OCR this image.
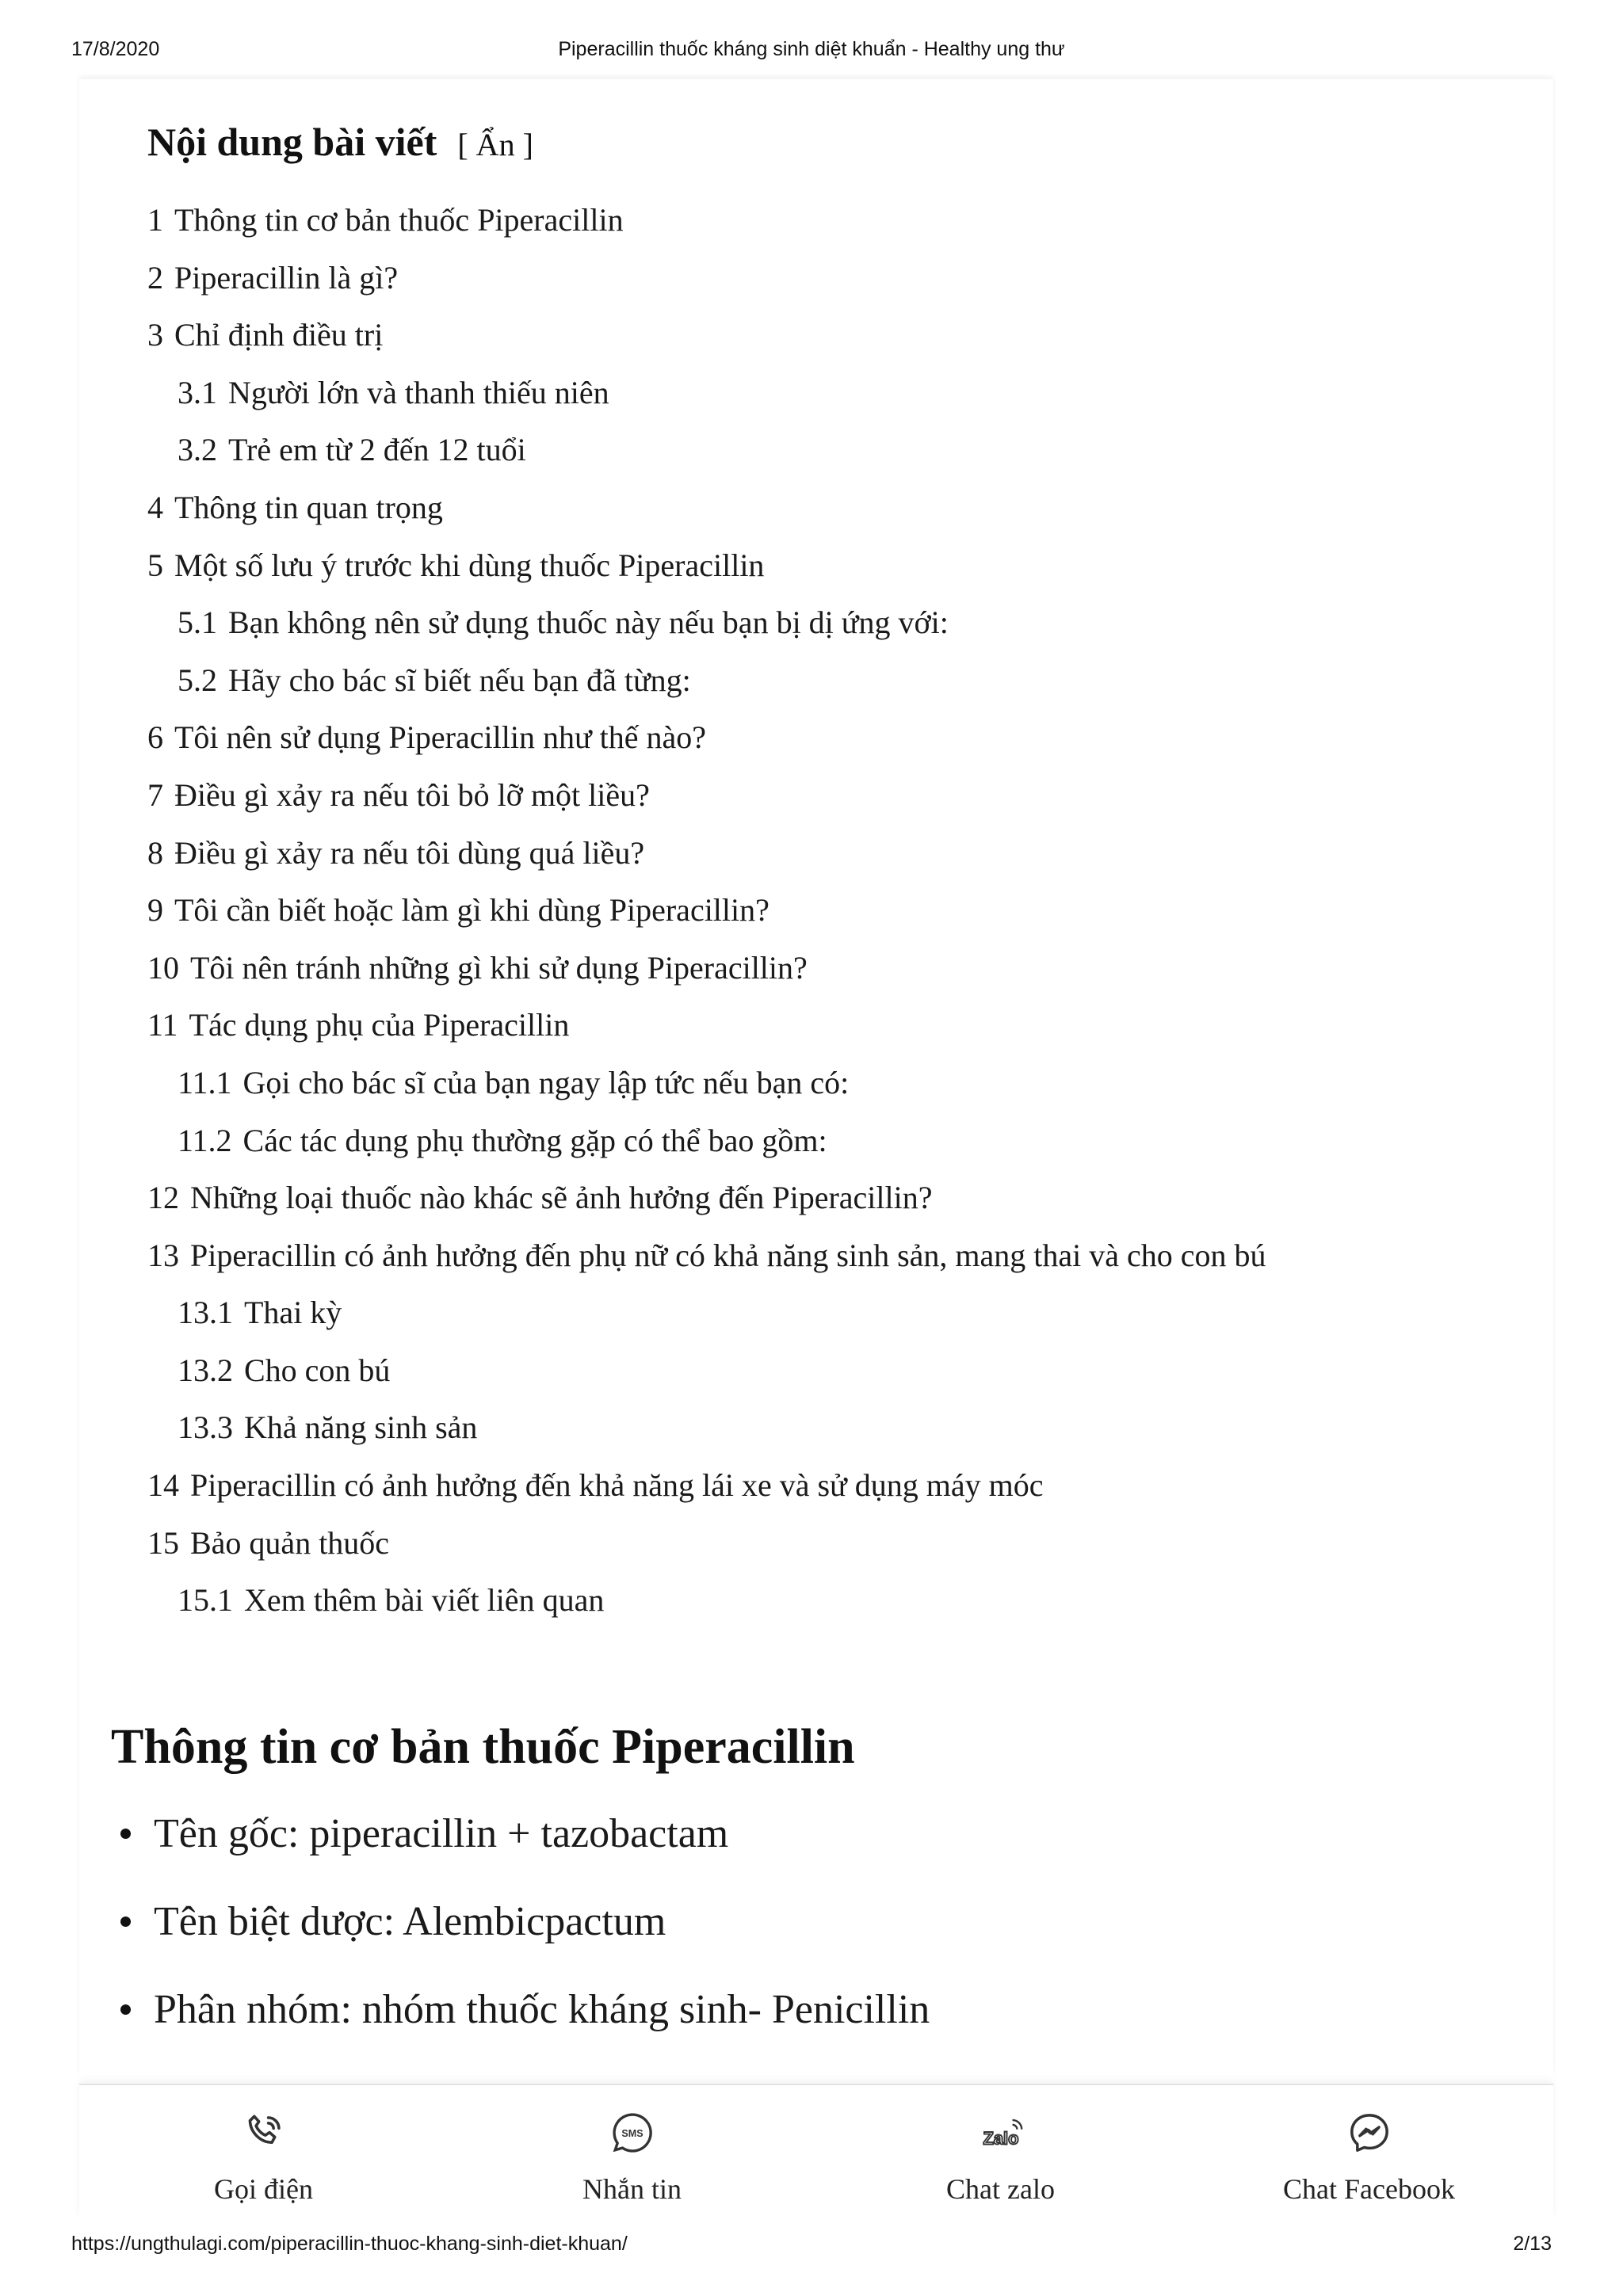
17/8/2020	Piperacillin thuốc kháng sinh diệt khuẩn - Healthy ung thư
Nội dung bài viết [ Ẩn ]
1 Thông tin cơ bản thuốc Piperacillin
2 Piperacillin là gì?
3 Chỉ định điều trị
3.1 Người lớn và thanh thiếu niên
3.2 Trẻ em từ 2 đến 12 tuổi
4 Thông tin quan trọng
5 Một số lưu ý trước khi dùng thuốc Piperacillin
5.1 Bạn không nên sử dụng thuốc này nếu bạn bị dị ứng với:
5.2 Hãy cho bác sĩ biết nếu bạn đã từng:
6 Tôi nên sử dụng Piperacillin như thế nào?
7 Điều gì xảy ra nếu tôi bỏ lỡ một liều?
8 Điều gì xảy ra nếu tôi dùng quá liều?
9 Tôi cần biết hoặc làm gì khi dùng Piperacillin?
10 Tôi nên tránh những gì khi sử dụng Piperacillin?
11 Tác dụng phụ của Piperacillin
11.1 Gọi cho bác sĩ của bạn ngay lập tức nếu bạn có:
11.2 Các tác dụng phụ thường gặp có thể bao gồm:
12 Những loại thuốc nào khác sẽ ảnh hưởng đến Piperacillin?
13 Piperacillin có ảnh hưởng đến phụ nữ có khả năng sinh sản, mang thai và cho con bú
13.1 Thai kỳ
13.2 Cho con bú
13.3 Khả năng sinh sản
14 Piperacillin có ảnh hưởng đến khả năng lái xe và sử dụng máy móc
15 Bảo quản thuốc
15.1 Xem thêm bài viết liên quan
Thông tin cơ bản thuốc Piperacillin
Tên gốc: piperacillin + tazobactam
Tên biệt dược: Alembicpactum
Phân nhóm: nhóm thuốc kháng sinh- Penicillin
Gọi điện
SMS
Nhắn tin
Zalo
Chat zalo	Chat Facebook
https://ungthulagi.com/piperacillin-thuoc-khang-sinh-diet-khuan/	2/13
